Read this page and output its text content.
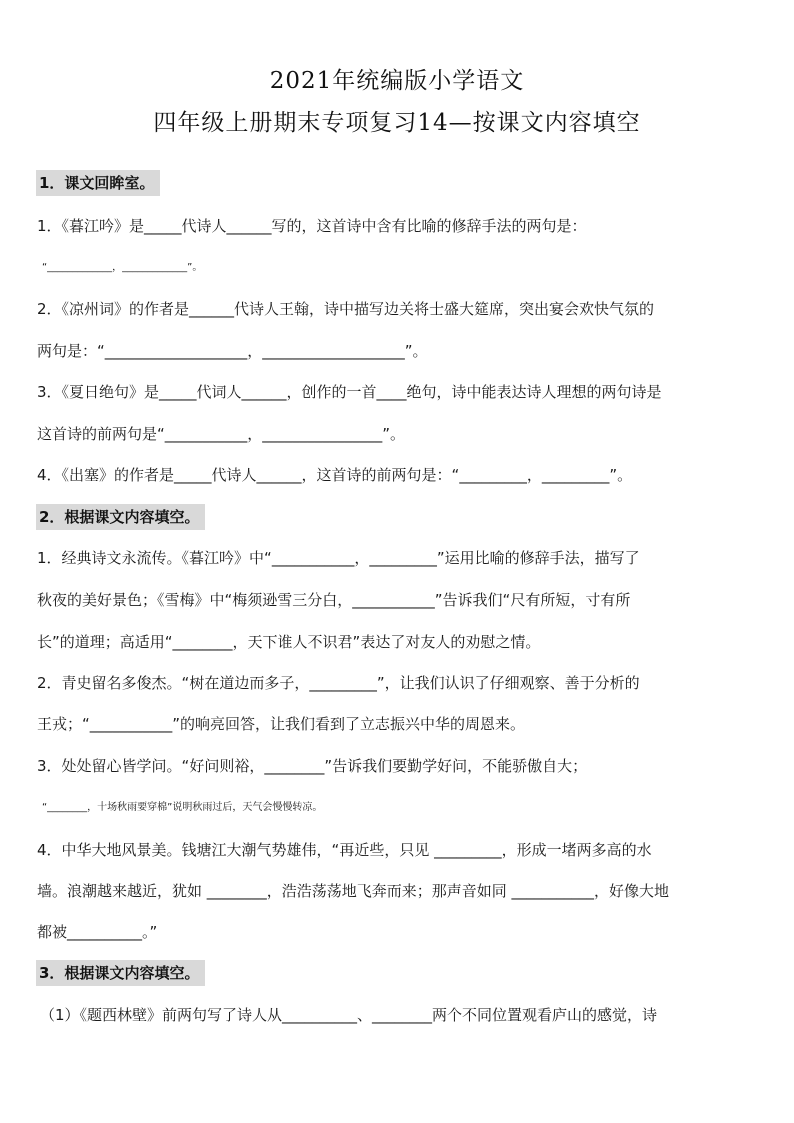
2021年统编版小学语文
四年级上册期末专项复习14—按课文内容填空
1．课文回眸室。
1．《暮江吟》是_____代诗人______写的，这首诗中含有比喻的修辞手法的两句是：
“_____________，_____________”。
2．《凉州词》的作者是______代诗人王翰，诗中描写边关将士盛大筵席，突出宴会欢快气氛的
两句是：“___________________，___________________”。
3．《夏日绝句》是_____代词人______，创作的一首____绝句，诗中能表达诗人理想的两句诗是
这首诗的前两句是“___________，________________”。
4．《出塞》的作者是_____代诗人______，这首诗的前两句是：“_________，_________”。
2．根据课文内容填空。
1．经典诗文永流传。《暮江吟》中“___________，_________”运用比喻的修辞手法，描写了
秋夜的美好景色；《雪梅》中“梅须逊雪三分白，___________”告诉我们“尺有所短，寸有所
长”的道理；高适用“________，天下谁人不识君”表达了对友人的劝慰之情。
2．青史留名多俊杰。“树在道边而多子，_________”，让我们认识了仔细观察、善于分析的
王戎；“___________”的响亮回答，让我们看到了立志振兴中华的周恩来。
3．处处留心皆学问。“好问则裕，________”告诉我们要勤学好问，不能骄傲自大；
“________，十场秋雨要穿棉”说明秋雨过后，天气会慢慢转凉。
4．中华大地风景美。钱塘江大潮气势雄伟，“再近些，只见 _________，形成一堵两多高的水
墙。浪潮越来越近，犹如 ________，浩浩荡荡地飞奔而来；那声音如同 ___________，好像大地
都被__________。”
3．根据课文内容填空。
（1）《题西林壁》前两句写了诗人从__________、________两个不同位置观看庐山的感觉，诗
